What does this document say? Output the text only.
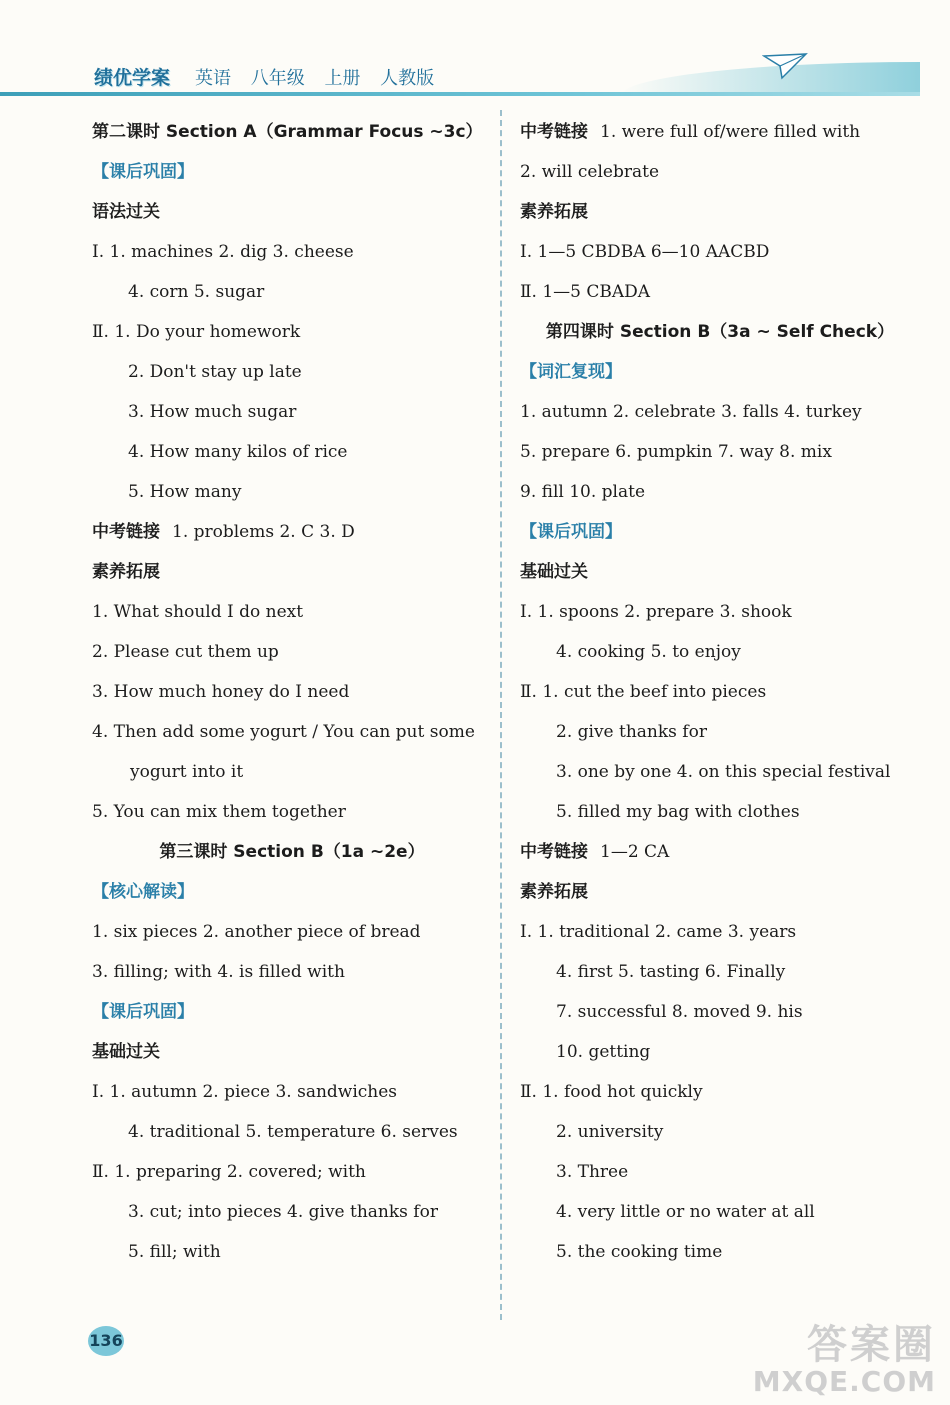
绩优学案 英语 八年级 上册 人教版
第二课时 Section A（Grammar Focus ~3c）
【课后巩固】
语法过关
Ⅰ. 1. machines 2. dig 3. cheese
4. corn 5. sugar
Ⅱ. 1. Do your homework
2. Don't stay up late
3. How much sugar
4. How many kilos of rice
5. How many
中考链接 1. problems 2. C 3. D
素养拓展
1. What should I do next
2. Please cut them up
3. How much honey do I need
4. Then add some yogurt / You can put some
yogurt into it
5. You can mix them together
第三课时 Section B（1a ~2e）
【核心解读】
1. six pieces 2. another piece of bread
3. filling; with 4. is filled with
【课后巩固】
基础过关
Ⅰ. 1. autumn 2. piece 3. sandwiches
4. traditional 5. temperature 6. serves
Ⅱ. 1. preparing 2. covered; with
3. cut; into pieces 4. give thanks for
5. fill; with
中考链接 1. were full of/were filled with
2. will celebrate
素养拓展
Ⅰ. 1—5 CBDBA 6—10 AACBD
Ⅱ. 1—5 CBADA
第四课时 Section B（3a ~ Self Check）
【词汇复现】
1. autumn 2. celebrate 3. falls 4. turkey
5. prepare 6. pumpkin 7. way 8. mix
9. fill 10. plate
【课后巩固】
基础过关
Ⅰ. 1. spoons 2. prepare 3. shook
4. cooking 5. to enjoy
Ⅱ. 1. cut the beef into pieces
2. give thanks for
3. one by one 4. on this special festival
5. filled my bag with clothes
中考链接 1—2 CA
素养拓展
Ⅰ. 1. traditional 2. came 3. years
4. first 5. tasting 6. Finally
7. successful 8. moved 9. his
10. getting
Ⅱ. 1. food hot quickly
2. university
3. Three
4. very little or no water at all
5. the cooking time
136	答案圈
MXQE.COM
